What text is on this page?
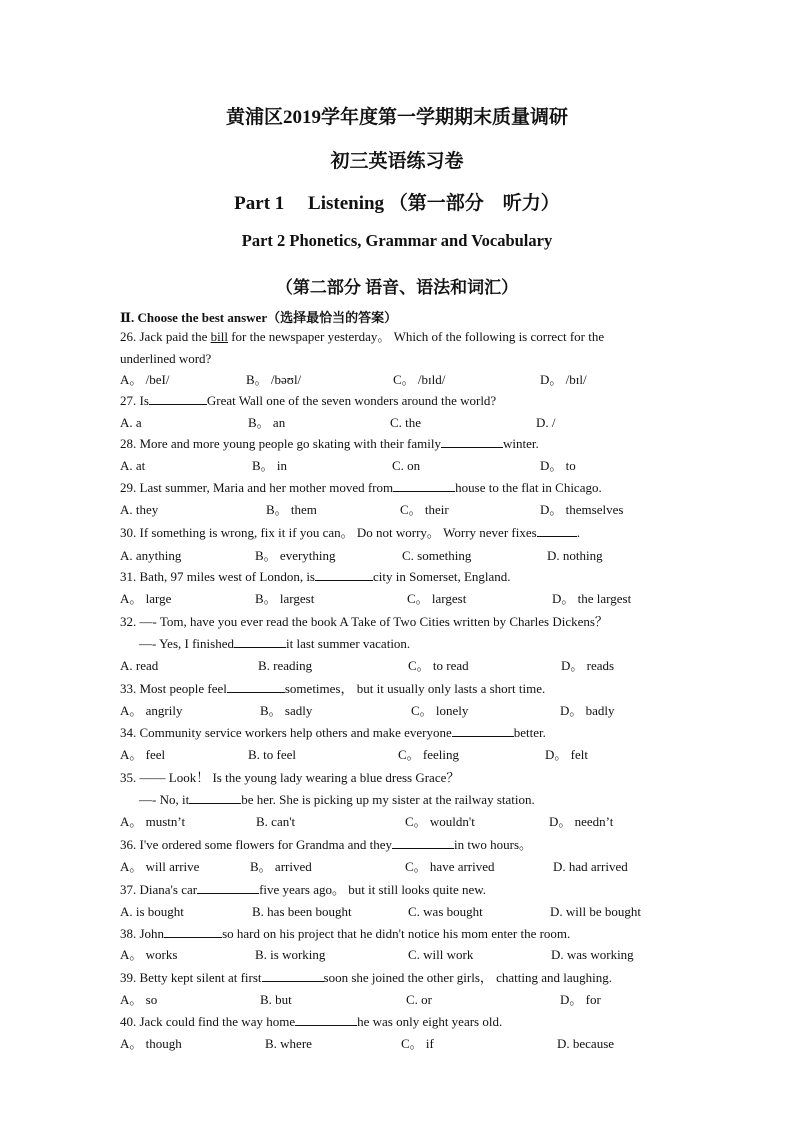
黄浦区2019学年度第一学期期末质量调研
初三英语练习卷
Part 1　 Listening （第一部分　听力）
Part 2 Phonetics, Grammar and Vocabulary
（第二部分 语音、语法和词汇）
Ⅱ. Choose the best answer（选择最恰当的答案）
26. Jack paid the bill for the newspaper yesterday。 Which of the following is correct for the
underlined word?
A。 /beI/	B。 /bəʊl/	C。 /bɪld/	D。 /bɪl/
27. Is	Great Wall one of the seven wonders around the world?
A. a	B。 an	C. the	D. /
28. More and more young people go skating with their family	winter.
A. at	B。 in	C. on	D。 to
29. Last summer, Maria and her mother moved from	house to the flat in Chicago.
A. they	B。 them	C。 their	D。 themselves
30. If something is wrong, fix it if you can。 Do not worry。 Worry never fixes	.
A. anything	B。 everything	C. something	D. nothing
31. Bath, 97 miles west of London, is	city in Somerset, England.
A。 large	B。 largest	C。 largest	D。 the largest
32. —- Tom, have you ever read the book A Take of Two Cities written by Charles Dickens？
—- Yes, I finished	it last summer vacation.
A. read	B. reading	C。 to read	D。 reads
33. Most people feel	sometimes， but it usually only lasts a short time.
A。 angrily	B。 sadly	C。 lonely	D。 badly
34. Community service workers help others and make everyone	better.
A。 feel	B. to feel	C。 feeling	D。 felt
35. —— Look！ Is the young lady wearing a blue dress Grace？
—- No, it	be her. She is picking up my sister at the railway station.
A。 mustn’t	B. can't	C。 wouldn't	D。 needn’t
36. I've ordered some flowers for Grandma and they	in two hours。
A。 will arrive	B。 arrived	C。 have arrived	D. had arrived
37. Diana's car	five years ago。 but it still looks quite new.
A. is bought	B. has been bought	C. was bought	D. will be bought
38. John	so hard on his project that he didn't notice his mom enter the room.
A。 works	B. is working	C. will work	D. was working
39. Betty kept silent at first	soon she joined the other girls， chatting and laughing.
A。 so	B. but	C. or	D。 for
40. Jack could find the way home	he was only eight years old.
A。 though	B. where	C。 if	D. because
